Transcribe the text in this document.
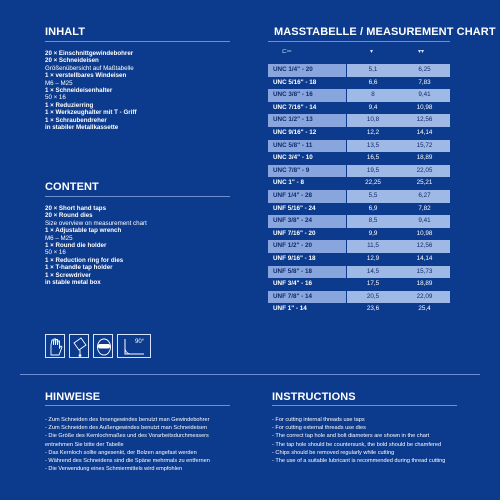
INHALT
20 × Einschnittgewindebohrer
20 × Schneideisen
Größenübersicht auf Maßtabelle
1 × verstellbares Windeisen
M6 – M25
1 × Schneideisenhalter
50 × 16
1 × Reduzierring
1 × Werkzeughalter mit T - Griff
1 × Schraubendreher
in stabiler Metallkassette
CONTENT
20 × Short hand taps
20 × Round dies
Size overview on measurement chart
1 × Adjustable tap wrench
M6 – M25
1 × Round die holder
50 × 16
1 × Reduction ring for dies
1 × T-handle tap holder
1 × Screwdriver
in stable metal box
90°
MASSTABELLE / MEASUREMENT CHART
⊏═	▾	▾▾
UNC 1/4" - 20	5,1	6,25
UNC 5/16" - 18	6,6	7,83
UNC 3/8" - 16	8	9,41
UNC 7/16" - 14	9,4	10,98
UNC 1/2" - 13	10,8	12,56
UNC 9/16" - 12	12,2	14,14
UNC 5/8" - 11	13,5	15,72
UNC 3/4" - 10	16,5	18,89
UNC 7/8" - 9	19,5	22,05
UNC 1" - 8	22,25	25,21
UNF 1/4" - 28	5,5	6,27
UNF 5/16" - 24	6,9	7,82
UNF 3/8" - 24	8,5	9,41
UNF 7/16" - 20	9,9	10,98
UNF 1/2" - 20	11,5	12,56
UNF 9/16" - 18	12,9	14,14
UNF 5/8" - 18	14,5	15,73
UNF 3/4" - 16	17,5	18,89
UNF 7/8" - 14	20,5	22,09
UNF 1" - 14	23,6	25,4
HINWEISE
- Zum Schneiden des Innengewindes benutzt man Gewindebohrer
- Zum Schneiden des Außengewindes benutzt man Schneideisen
- Die Größe des Kernlochmaßes und des Vorarbeitsdurchmessers
entnehmen Sie bitte der Tabelle
- Das Kernloch sollte angesenkt, der Bolzen angefast werden
- Während des Schneidens sind die Späne mehrmals zu entfernen
- Die Verwendung eines Schmiermittels wird empfohlen
INSTRUCTIONS
- For cutting internal threads use taps
- For cutting external threads use dies
- The correct tap hole and bolt diameters are shown in the chart
- The tap hole should be countersunk, the bold should be chamfered
- Chips should be removed regularly while cutting
- The use of a suitable lubricant is recommended during thread cutting
